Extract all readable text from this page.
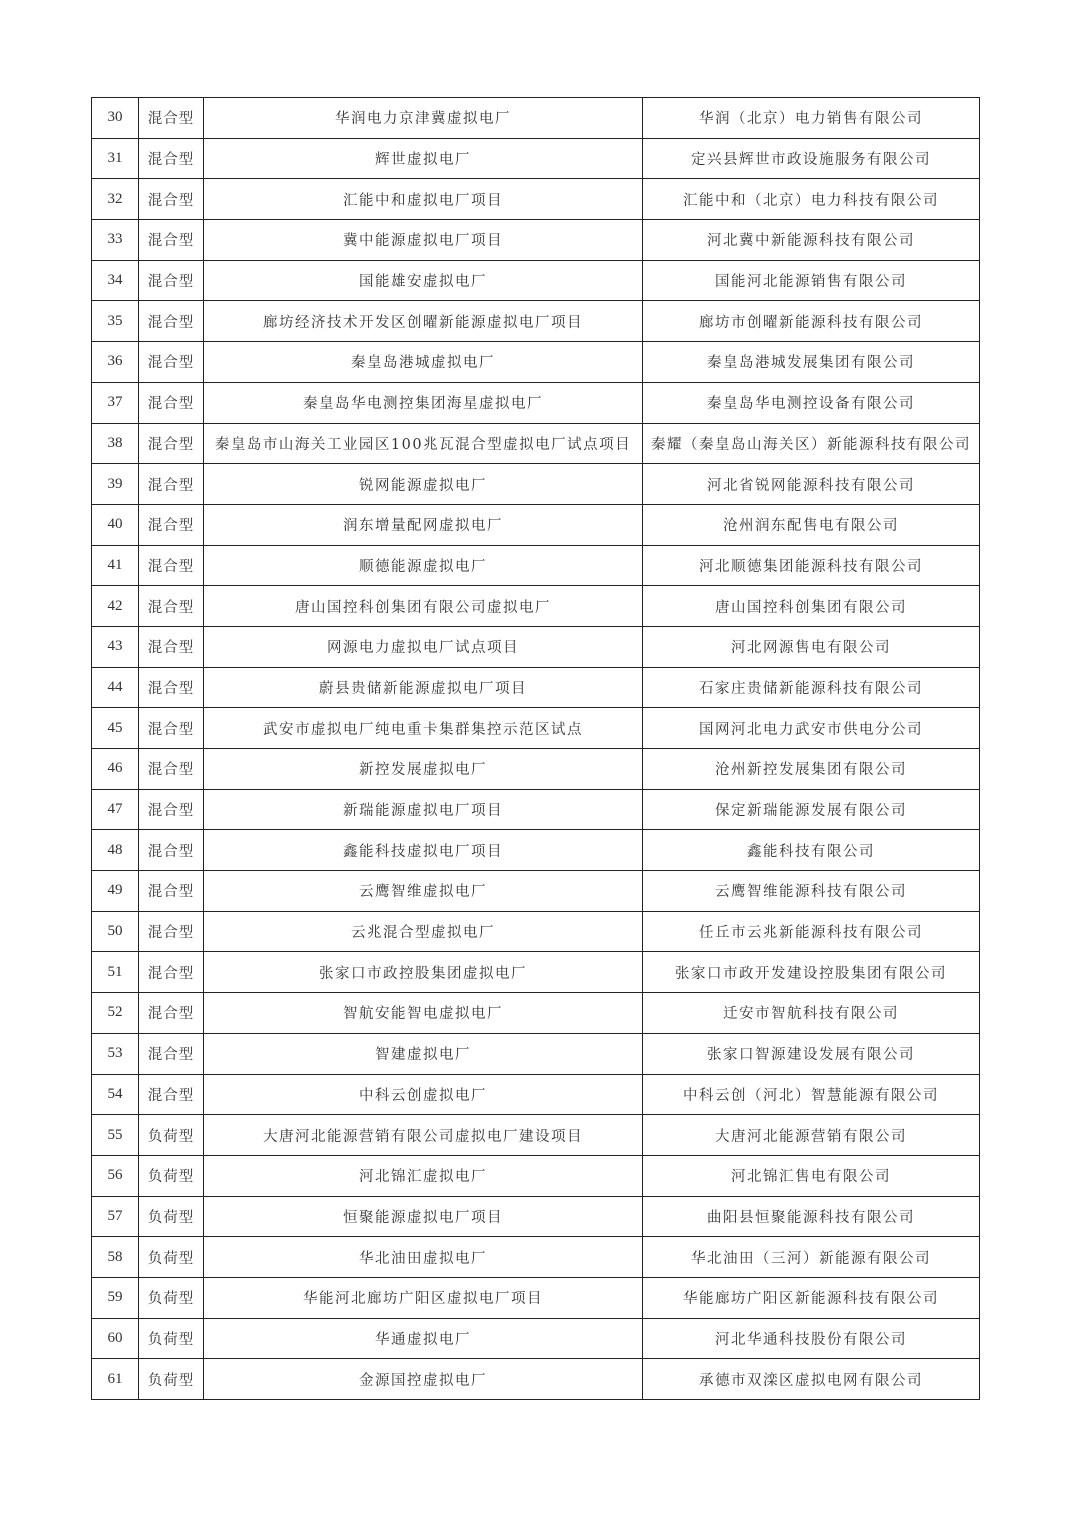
30	混合型	华润电力京津冀虚拟电厂	华润（北京）电力销售有限公司
31	混合型	辉世虚拟电厂	定兴县辉世市政设施服务有限公司
32	混合型	汇能中和虚拟电厂项目	汇能中和（北京）电力科技有限公司
33	混合型	冀中能源虚拟电厂项目	河北冀中新能源科技有限公司
34	混合型	国能雄安虚拟电厂	国能河北能源销售有限公司
35	混合型	廊坊经济技术开发区创曜新能源虚拟电厂项目	廊坊市创曜新能源科技有限公司
36	混合型	秦皇岛港城虚拟电厂	秦皇岛港城发展集团有限公司
37	混合型	秦皇岛华电测控集团海星虚拟电厂	秦皇岛华电测控设备有限公司
38	混合型	秦皇岛市山海关工业园区100兆瓦混合型虚拟电厂试点项目	秦耀（秦皇岛山海关区）新能源科技有限公司
39	混合型	锐网能源虚拟电厂	河北省锐网能源科技有限公司
40	混合型	润东增量配网虚拟电厂	沧州润东配售电有限公司
41	混合型	顺德能源虚拟电厂	河北顺德集团能源科技有限公司
42	混合型	唐山国控科创集团有限公司虚拟电厂	唐山国控科创集团有限公司
43	混合型	网源电力虚拟电厂试点项目	河北网源售电有限公司
44	混合型	蔚县贵储新能源虚拟电厂项目	石家庄贵储新能源科技有限公司
45	混合型	武安市虚拟电厂纯电重卡集群集控示范区试点	国网河北电力武安市供电分公司
46	混合型	新控发展虚拟电厂	沧州新控发展集团有限公司
47	混合型	新瑞能源虚拟电厂项目	保定新瑞能源发展有限公司
48	混合型	鑫能科技虚拟电厂项目	鑫能科技有限公司
49	混合型	云鹰智维虚拟电厂	云鹰智维能源科技有限公司
50	混合型	云兆混合型虚拟电厂	任丘市云兆新能源科技有限公司
51	混合型	张家口市政控股集团虚拟电厂	张家口市政开发建设控股集团有限公司
52	混合型	智航安能智电虚拟电厂	迁安市智航科技有限公司
53	混合型	智建虚拟电厂	张家口智源建设发展有限公司
54	混合型	中科云创虚拟电厂	中科云创（河北）智慧能源有限公司
55	负荷型	大唐河北能源营销有限公司虚拟电厂建设项目	大唐河北能源营销有限公司
56	负荷型	河北锦汇虚拟电厂	河北锦汇售电有限公司
57	负荷型	恒聚能源虚拟电厂项目	曲阳县恒聚能源科技有限公司
58	负荷型	华北油田虚拟电厂	华北油田（三河）新能源有限公司
59	负荷型	华能河北廊坊广阳区虚拟电厂项目	华能廊坊广阳区新能源科技有限公司
60	负荷型	华通虚拟电厂	河北华通科技股份有限公司
61	负荷型	金源国控虚拟电厂	承德市双滦区虚拟电网有限公司
